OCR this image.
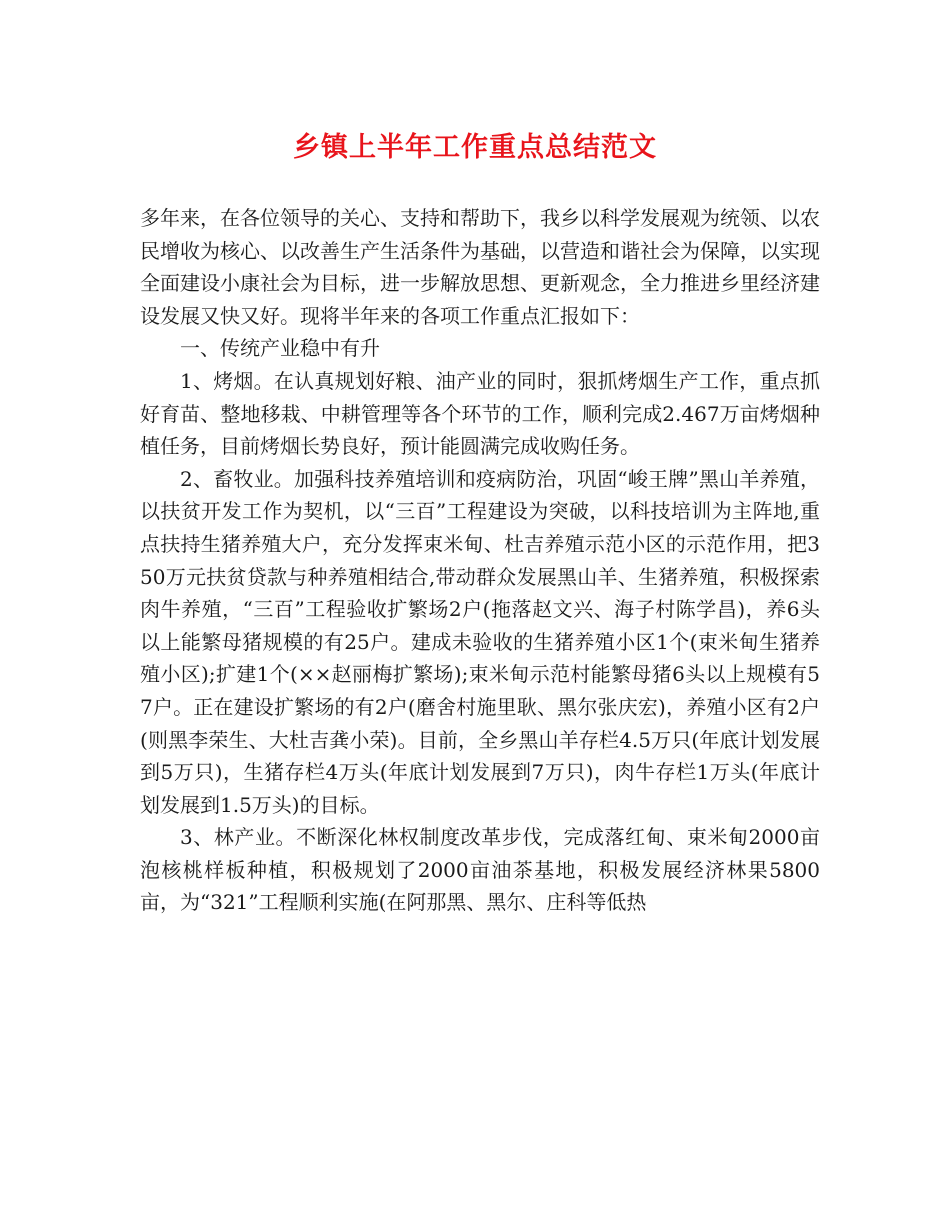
乡镇上半年工作重点总结范文

多年来，在各位领导的关心、支持和帮助下，我乡以科学发展观为统领、以农民增收为核心、以改善生产生活条件为基础，以营造和谐社会为保障，以实现全面建设小康社会为目标，进一步解放思想、更新观念，全力推进乡里经济建设发展又快又好。现将半年来的各项工作重点汇报如下：

一、传统产业稳中有升

1、烤烟。在认真规划好粮、油产业的同时，狠抓烤烟生产工作，重点抓好育苗、整地移栽、中耕管理等各个环节的工作，顺利完成2.467万亩烤烟种植任务，目前烤烟长势良好，预计能圆满完成收购任务。

2、畜牧业。加强科技养殖培训和疫病防治，巩固“峻王牌”黑山羊养殖，以扶贫开发工作为契机，以“三百”工程建设为突破，以科技培训为主阵地,重点扶持生猪养殖大户，充分发挥束米甸、杜吉养殖示范小区的示范作用，把350万元扶贫贷款与种养殖相结合,带动群众发展黑山羊、生猪养殖，积极探索肉牛养殖，“三百”工程验收扩繁场2户(拖落赵文兴、海子村陈学昌)，养6头以上能繁母猪规模的有25户。建成未验收的生猪养殖小区1个(束米甸生猪养殖小区);扩建1个(××赵丽梅扩繁场);束米甸示范村能繁母猪6头以上规模有57户。正在建设扩繁场的有2户(磨舍村施里耿、黑尔张庆宏)，养殖小区有2户(则黑李荣生、大杜吉龚小荣)。目前，全乡黑山羊存栏4.5万只(年底计划发展到5万只)，生猪存栏4万头(年底计划发展到7万只)，肉牛存栏1万头(年底计划发展到1.5万头)的目标。

3、林产业。不断深化林权制度改革步伐，完成落红甸、束米甸2000亩泡核桃样板种植，积极规划了2000亩油茶基地，积极发展经济林果5800亩，为“321”工程顺利实施(在阿那黑、黑尔、庄科等低热
